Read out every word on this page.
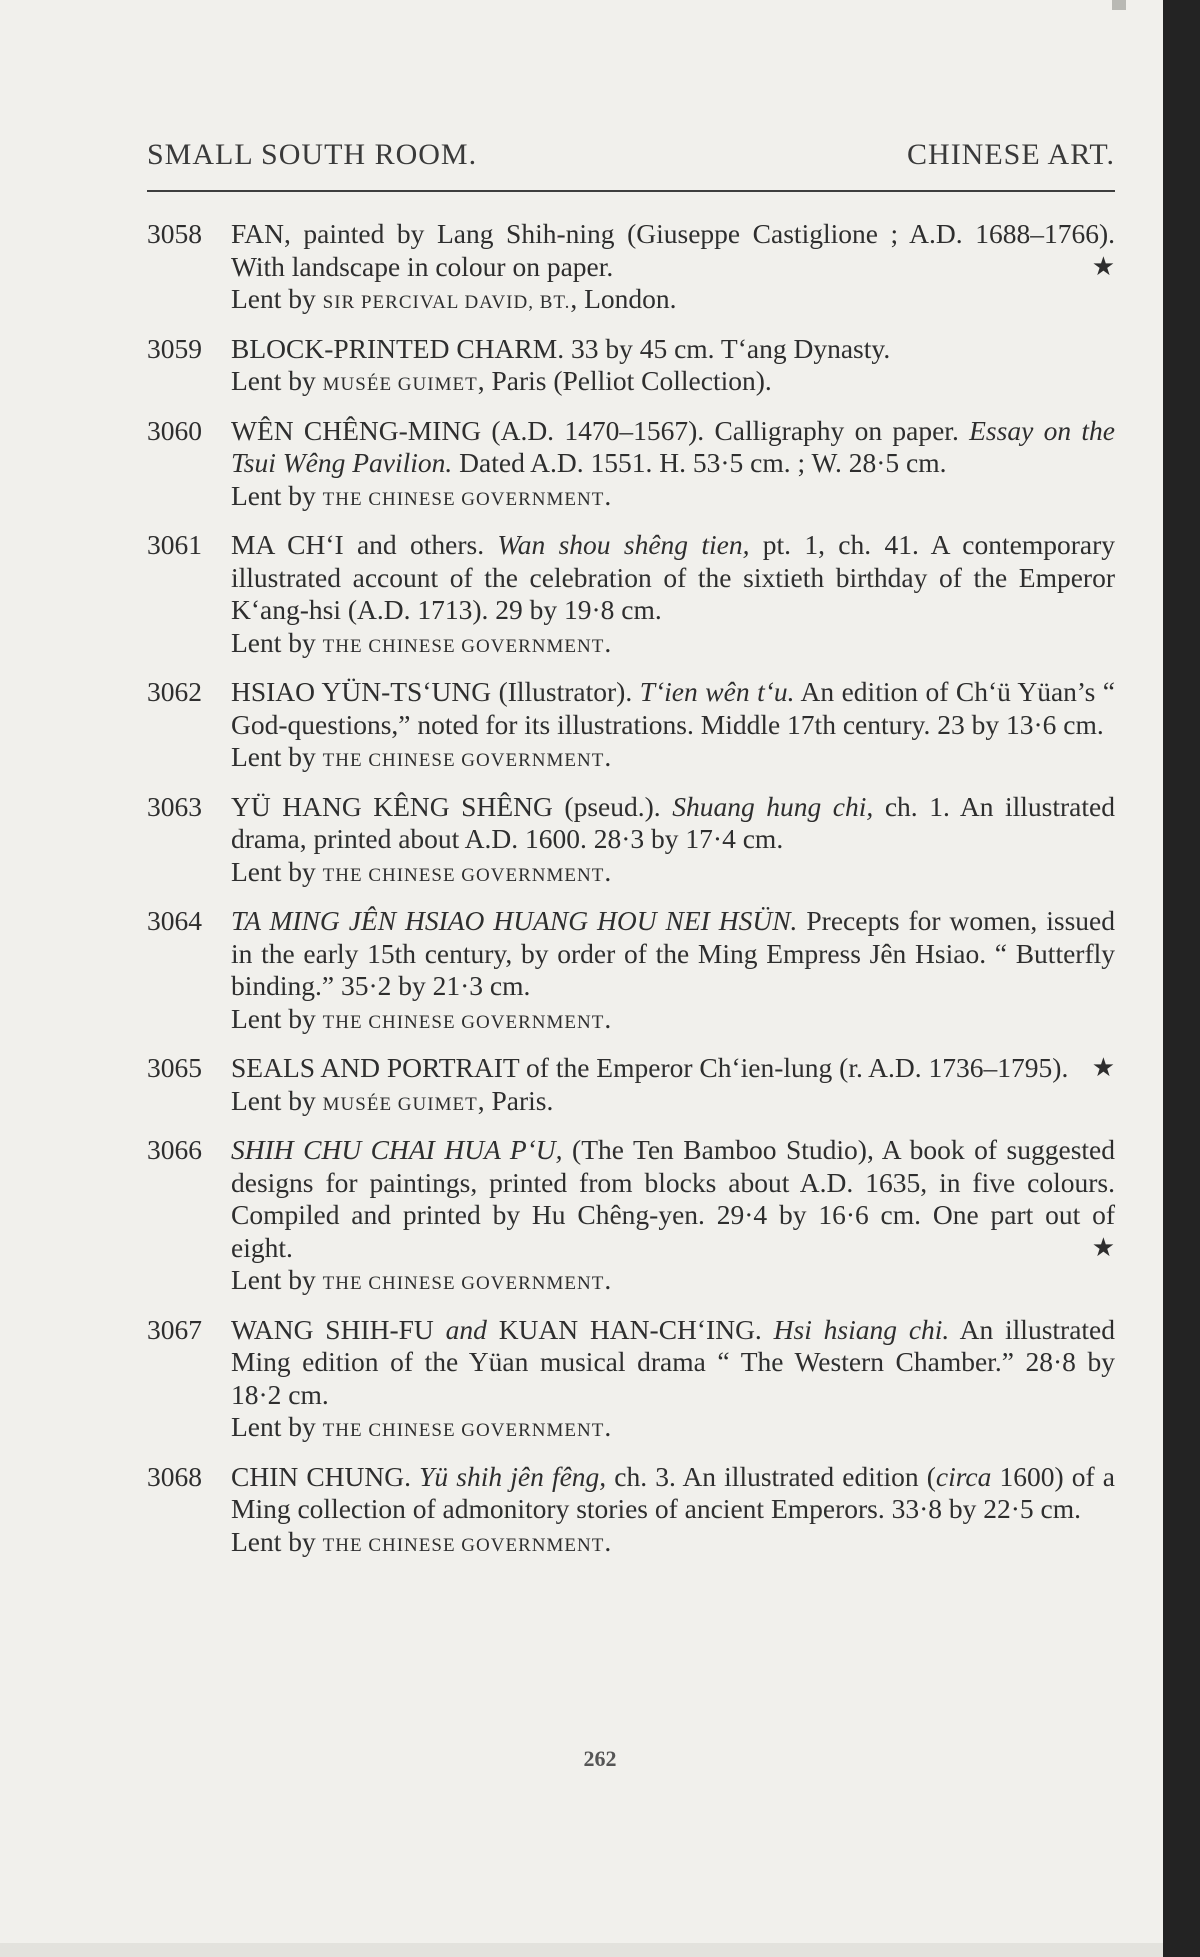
SMALL SOUTH ROOM.	CHINESE ART.
3058 FAN, painted by Lang Shih-ning (Giuseppe Castiglione ; A.D. 1688–1766). With landscape in colour on paper.	★
Lent by SIR PERCIVAL DAVID, BT., London.
3059 BLOCK-PRINTED CHARM. 33 by 45 cm. T‘ang Dynasty.
Lent by MUSÉE GUIMET, Paris (Pelliot Collection).
3060 WÊN CHÊNG-MING (A.D. 1470–1567). Calligraphy on paper. Essay on the Tsui Wêng Pavilion. Dated A.D. 1551. H. 53·5 cm. ; W. 28·5 cm.
Lent by THE CHINESE GOVERNMENT.
3061 MA CH‘I and others. Wan shou shêng tien, pt. 1, ch. 41. A contemporary illustrated account of the celebration of the sixtieth birthday of the Emperor K‘ang-hsi (A.D. 1713). 29 by 19·8 cm.
Lent by THE CHINESE GOVERNMENT.
3062 HSIAO YÜN-TS‘UNG (Illustrator). T‘ien wên t‘u. An edition of Ch‘ü Yüan’s “ God-questions,” noted for its illustrations. Middle 17th century. 23 by 13·6 cm.
Lent by THE CHINESE GOVERNMENT.
3063 YÜ HANG KÊNG SHÊNG (pseud.). Shuang hung chi, ch. 1. An illustrated drama, printed about A.D. 1600. 28·3 by 17·4 cm.
Lent by THE CHINESE GOVERNMENT.
3064 TA MING JÊN HSIAO HUANG HOU NEI HSÜN. Precepts for women, issued in the early 15th century, by order of the Ming Empress Jên Hsiao. “ Butterfly binding.” 35·2 by 21·3 cm.
Lent by THE CHINESE GOVERNMENT.
3065 SEALS AND PORTRAIT of the Emperor Ch‘ien-lung (r. A.D. 1736–1795). ★
Lent by MUSÉE GUIMET, Paris.
3066 SHIH CHU CHAI HUA P‘U, (The Ten Bamboo Studio), A book of suggested designs for paintings, printed from blocks about A.D. 1635, in five colours. Compiled and printed by Hu Chêng-yen. 29·4 by 16·6 cm. One part out of eight.	★
Lent by THE CHINESE GOVERNMENT.
3067 WANG SHIH-FU and KUAN HAN-CH‘ING. Hsi hsiang chi. An illustrated Ming edition of the Yüan musical drama “ The Western Chamber.” 28·8 by 18·2 cm.
Lent by THE CHINESE GOVERNMENT.
3068 CHIN CHUNG. Yü shih jên fêng, ch. 3. An illustrated edition (circa 1600) of a Ming collection of admonitory stories of ancient Emperors. 33·8 by 22·5 cm.
Lent by THE CHINESE GOVERNMENT.
262
